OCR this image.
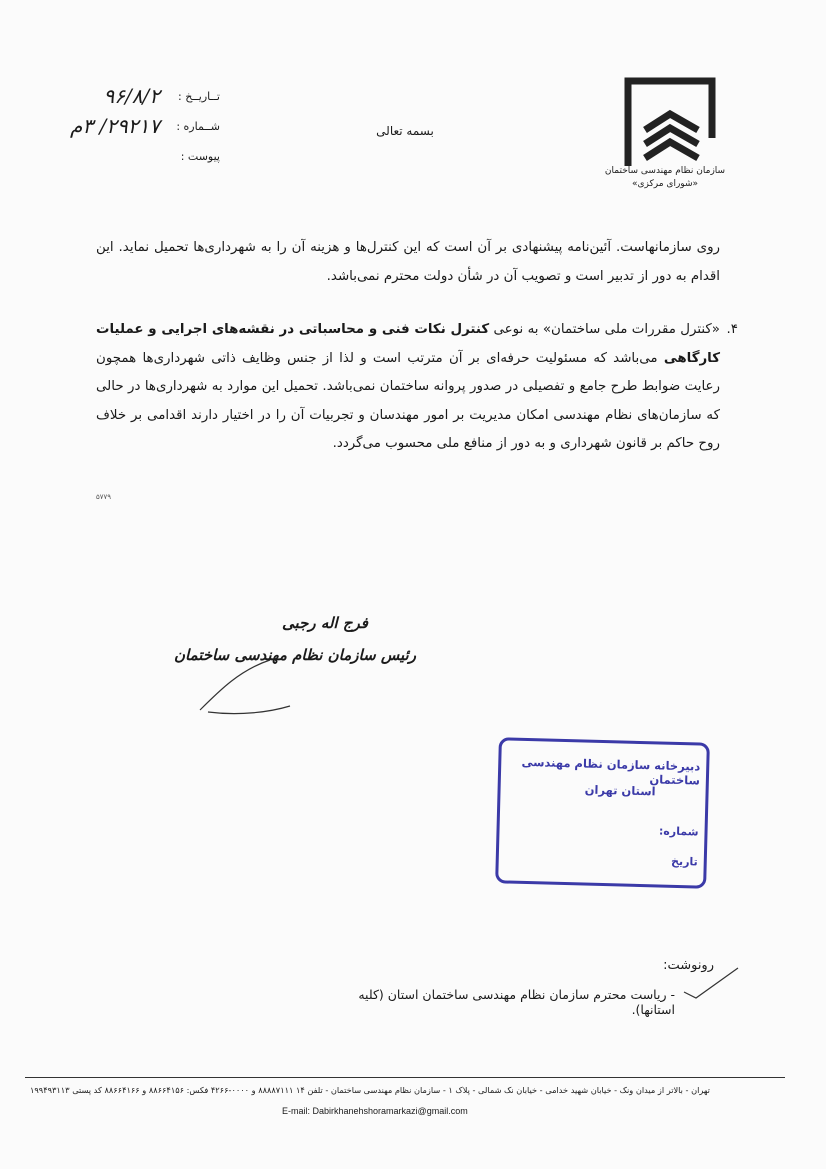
سازمان نظام مهندسی ساختمان
«شورای مرکزی»
تــاریــخ :
۹۶/۸/۲
شــماره :
۲۹۲۱۷/ ۳م
پیوست :
بسمه تعالی
روی سازمانهاست. آئین‌نامه پیشنهادی بر آن است که این کنترل‌ها و هزینه آن را به شهرداری‌ها تحمیل نماید. این اقدام به دور از تدبیر است و تصویب آن در شأن دولت محترم نمی‌باشد.
۴.
«کنترل مقررات ملی ساختمان» به نوعی کنترل نکات فنی و محاسباتی در نقشه‌های اجرایی و عملیات کارگاهی می‌باشد که مسئولیت حرفه‌ای بر آن مترتب است و لذا از جنس وظایف ذاتی شهرداری‌ها همچون رعایت ضوابط طرح جامع و تفصیلی در صدور پروانه ساختمان نمی‌باشد. تحمیل این موارد به شهرداری‌ها در حالی که سازمان‌های نظام مهندسی امکان مدیریت بر امور مهندسان و تجربیات آن را در اختیار دارند اقدامی بر خلاف روح حاکم بر قانون شهرداری و به دور از منافع ملی محسوب می‌گردد.
۵۷۷۹
فرج اله رجبی
رئیس سازمان نظام مهندسی ساختمان
دبیرخانه سازمان نظام مهندسی ساختمان
استان تهران
شماره:
تاریخ
رونوشت:
- ریاست محترم سازمان نظام مهندسی ساختمان استان (کلیه استانها).
تهران - بالاتر از میدان ونک - خیابان شهید خدامی - خیابان نک شمالی - پلاک ۱ - سازمان نظام مهندسی ساختمان - تلفن ۱۴ ۸۸۸۸۷۱۱۱ و ۰۰۰۰-۴۲۶۶ فکس: ۸۸۶۶۴۱۵۶ و ۸۸۶۶۴۱۶۶ کد پستی ۱۹۹۴۹۳۱۱۳
E-mail: Dabirkhanehshoramarkazi@gmail.com
